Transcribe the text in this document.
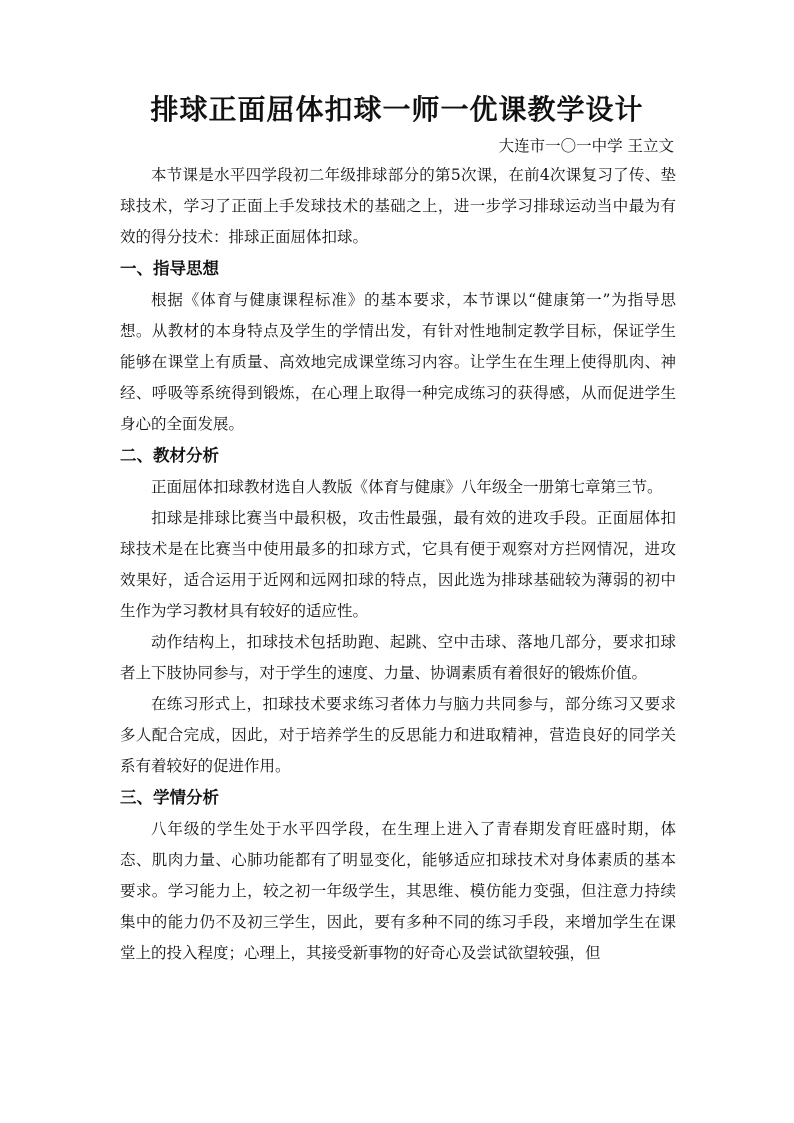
排球正面屈体扣球一师一优课教学设计
大连市一〇一中学 王立文

本节课是水平四学段初二年级排球部分的第5次课，在前4次课复习了传、垫球技术，学习了正面上手发球技术的基础之上，进一步学习排球运动当中最为有效的得分技术：排球正面屈体扣球。

一、指导思想

根据《体育与健康课程标准》的基本要求，本节课以“健康第一”为指导思想。从教材的本身特点及学生的学情出发，有针对性地制定教学目标，保证学生能够在课堂上有质量、高效地完成课堂练习内容。让学生在生理上使得肌肉、神经、呼吸等系统得到锻炼，在心理上取得一种完成练习的获得感，从而促进学生身心的全面发展。

二、教材分析

正面屈体扣球教材选自人教版《体育与健康》八年级全一册第七章第三节。

扣球是排球比赛当中最积极，攻击性最强，最有效的进攻手段。正面屈体扣球技术是在比赛当中使用最多的扣球方式，它具有便于观察对方拦网情况，进攻效果好，适合运用于近网和远网扣球的特点，因此选为排球基础较为薄弱的初中生作为学习教材具有较好的适应性。

动作结构上，扣球技术包括助跑、起跳、空中击球、落地几部分，要求扣球者上下肢协同参与，对于学生的速度、力量、协调素质有着很好的锻炼价值。

在练习形式上，扣球技术要求练习者体力与脑力共同参与，部分练习又要求多人配合完成，因此，对于培养学生的反思能力和进取精神，营造良好的同学关系有着较好的促进作用。

三、学情分析

八年级的学生处于水平四学段，在生理上进入了青春期发育旺盛时期，体态、肌肉力量、心肺功能都有了明显变化，能够适应扣球技术对身体素质的基本要求。学习能力上，较之初一年级学生，其思维、模仿能力变强，但注意力持续集中的能力仍不及初三学生，因此，要有多种不同的练习手段，来增加学生在课堂上的投入程度；心理上，其接受新事物的好奇心及尝试欲望较强，但
